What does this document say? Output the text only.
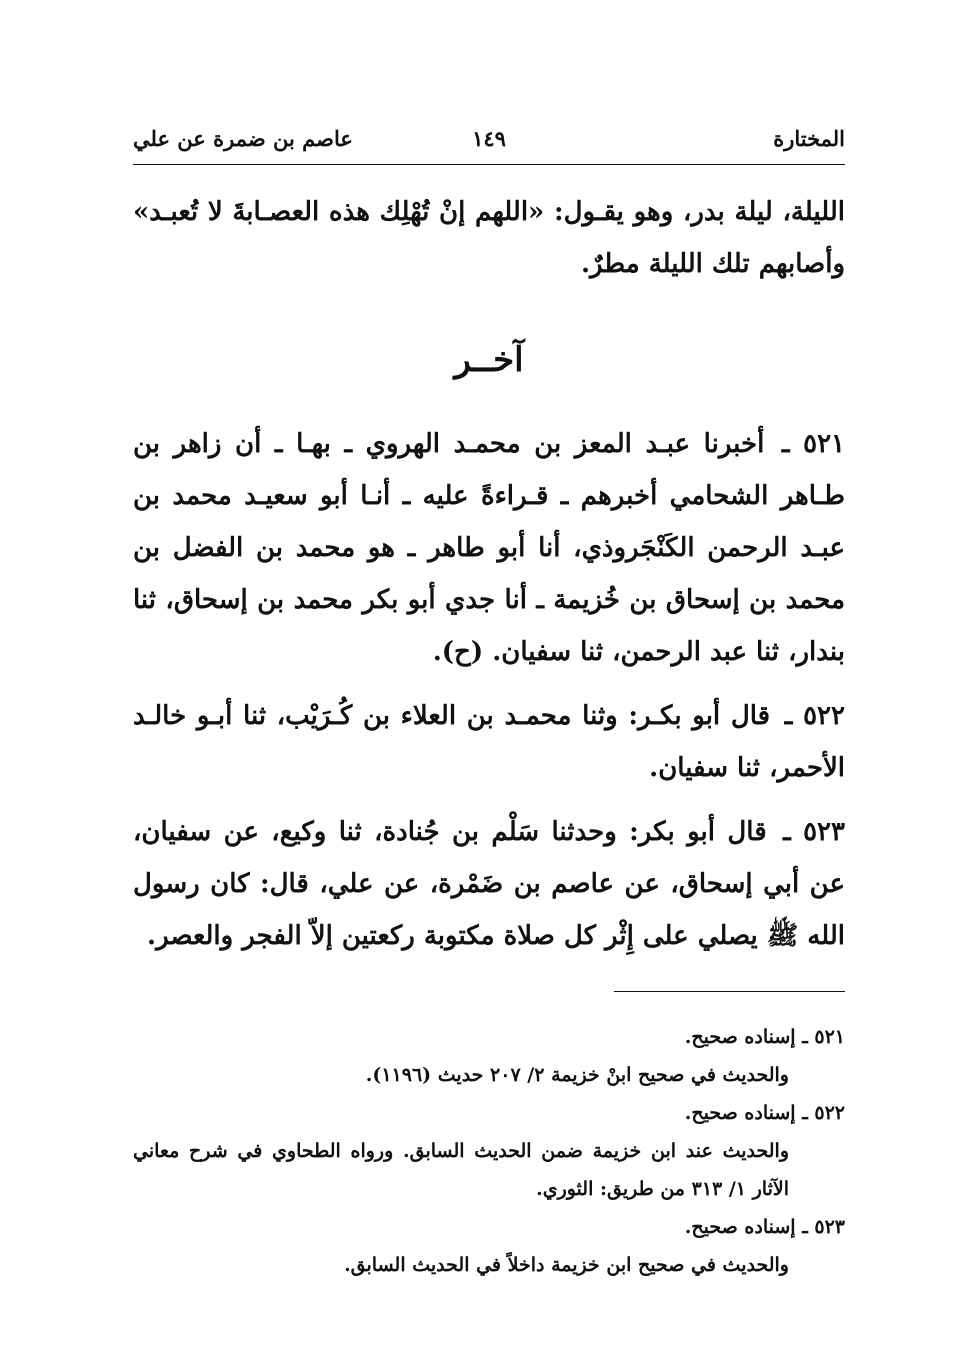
المختارة
١٤٩
عاصم بن ضمرة عن علي

الليلة، ليلة بدر، وهو يقـول: «اللهم إنْ تُهْلِك هذه العصـابةَ لا تُعبـد» وأصابهم تلك الليلة مطرٌ.

آخــر

٥٢١ ـ أخبرنا عبـد المعز بن محمـد الهروي ـ بهـا ـ أن زاهر بن طـاهر الشحامي أخبرهم ـ قـراءةً عليه ـ أنـا أبو سعيـد محمد بن عبـد الرحمن الكَنْجَروذي، أنا أبو طاهر ـ هو محمد بن الفضل بن محمد بن إسحاق بن خُزيمة ـ أنا جدي أبو بكر محمد بن إسحاق، ثنا بندار، ثنا عبد الرحمن، ثنا سفيان. (ح).

٥٢٢ ـ قال أبو بكـر: وثنا محمـد بن العلاء بن كُـرَيْب، ثنا أبـو خالـد الأحمر، ثنا سفيان.

٥٢٣ ـ قال أبو بكر: وحدثنا سَلْم بن جُنادة، ثنا وكيع، عن سفيان، عن أبي إسحاق، عن عاصم بن ضَمْرة، عن علي، قال: كان رسول الله ﷺ يصلي على إِثْر كل صلاة مكتوبة ركعتين إلاّ الفجر والعصر.

٥٢١ ـ إسناده صحيح.
والحديث في صحيح ابنْ خزيمة ٢/ ٢٠٧ حديث (١١٩٦).

٥٢٢ ـ إسناده صحيح.
والحديث عند ابن خزيمة ضمن الحديث السابق. ورواه الطحاوي في شرح معاني الآثار ١/ ٣١٣ من طريق: الثوري.

٥٢٣ ـ إسناده صحيح.
والحديث في صحيح ابن خزيمة داخلاً في الحديث السابق.
